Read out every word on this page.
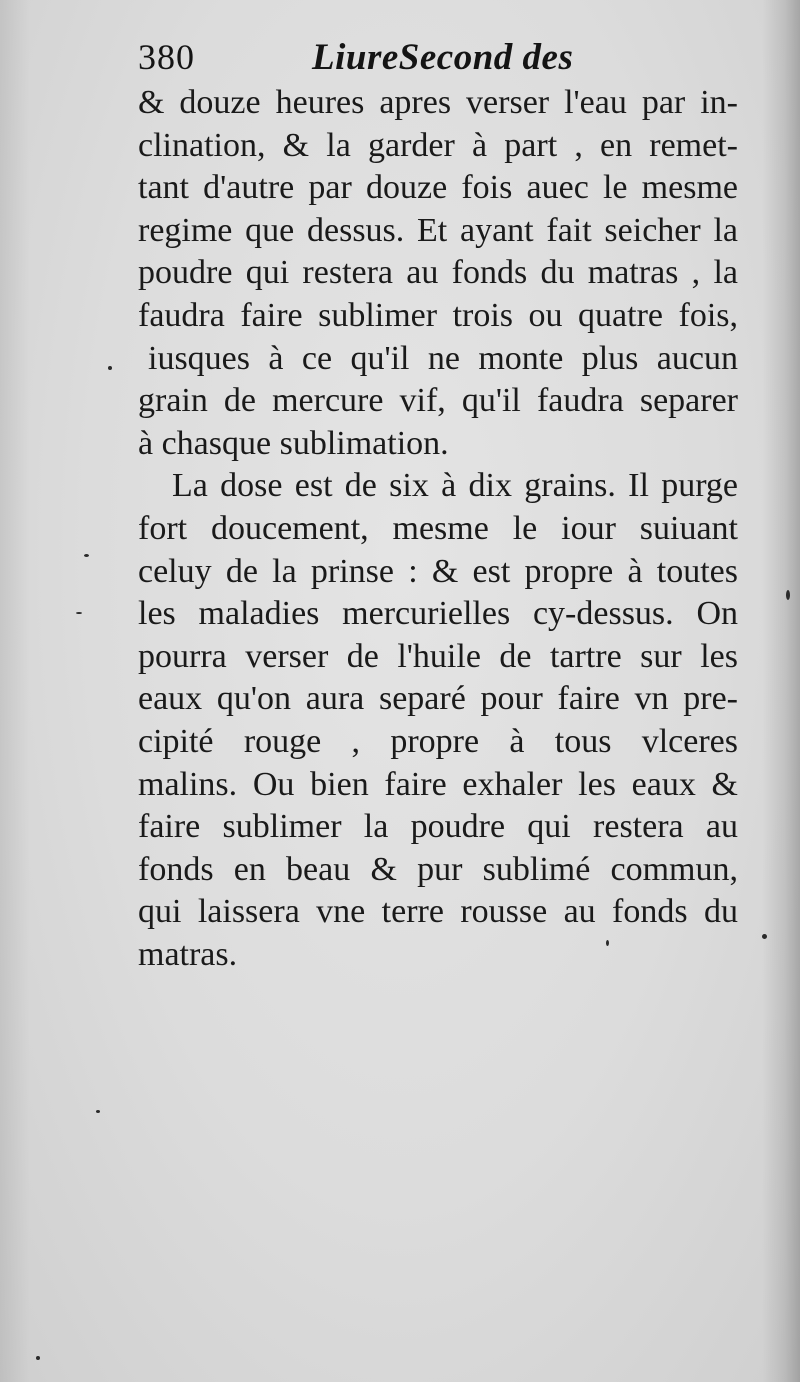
380	LiureSecond des
& douze heures apres verser l'eau par in-
clination, & la garder à part , en remet-
tant d'autre par douze fois auec le mesme
regime que dessus. Et ayant fait seicher la
poudre qui restera au fonds du matras , la
faudra faire sublimer trois ou quatre fois,
iusques à ce qu'il ne monte plus aucun
grain de mercure vif, qu'il faudra separer
à chasque sublimation.
La dose est de six à dix grains. Il purge
fort doucement, mesme le iour suiuant
celuy de la prinse : & est propre à toutes
les maladies mercurielles cy-dessus. On
pourra verser de l'huile de tartre sur les
eaux qu'on aura separé pour faire vn pre-
cipité rouge , propre à tous vlceres
malins. Ou bien faire exhaler les eaux &
faire sublimer la poudre qui restera au
fonds en beau & pur sublimé commun,
qui laissera vne terre rousse au fonds du
matras.
